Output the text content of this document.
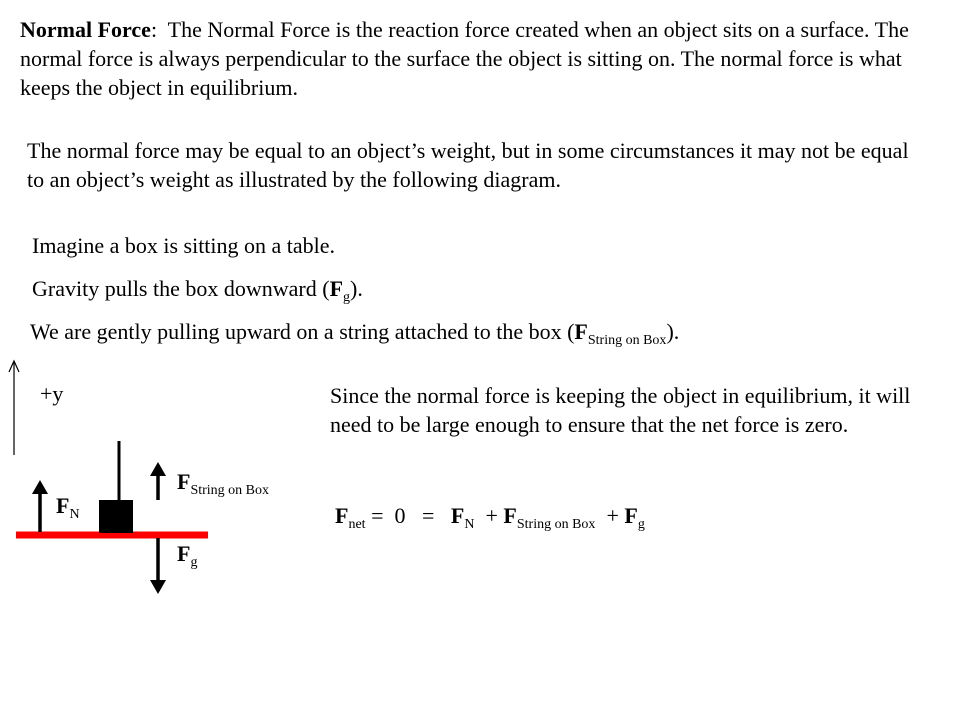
Normal Force: The Normal Force is the reaction force created when an object sits on a surface. The normal force is always perpendicular to the surface the object is sitting on. The normal force is what keeps the object in equilibrium.
The normal force may be equal to an object’s weight, but in some circumstances it may not be equal to an object’s weight as illustrated by the following diagram.
Imagine a box is sitting on a table.
Gravity pulls the box downward $(F_g)$.
We are gently pulling upward on a string attached to the box $(F_{String on Box})$.
+y
$F_N$
$F_{String on Box}$
$F_g$
Since the normal force is keeping the object in equilibrium, it will need to be large enough to ensure that the net force is zero.
$F_{net} = 0 = F_N + F_{String on Box} + F_g$
